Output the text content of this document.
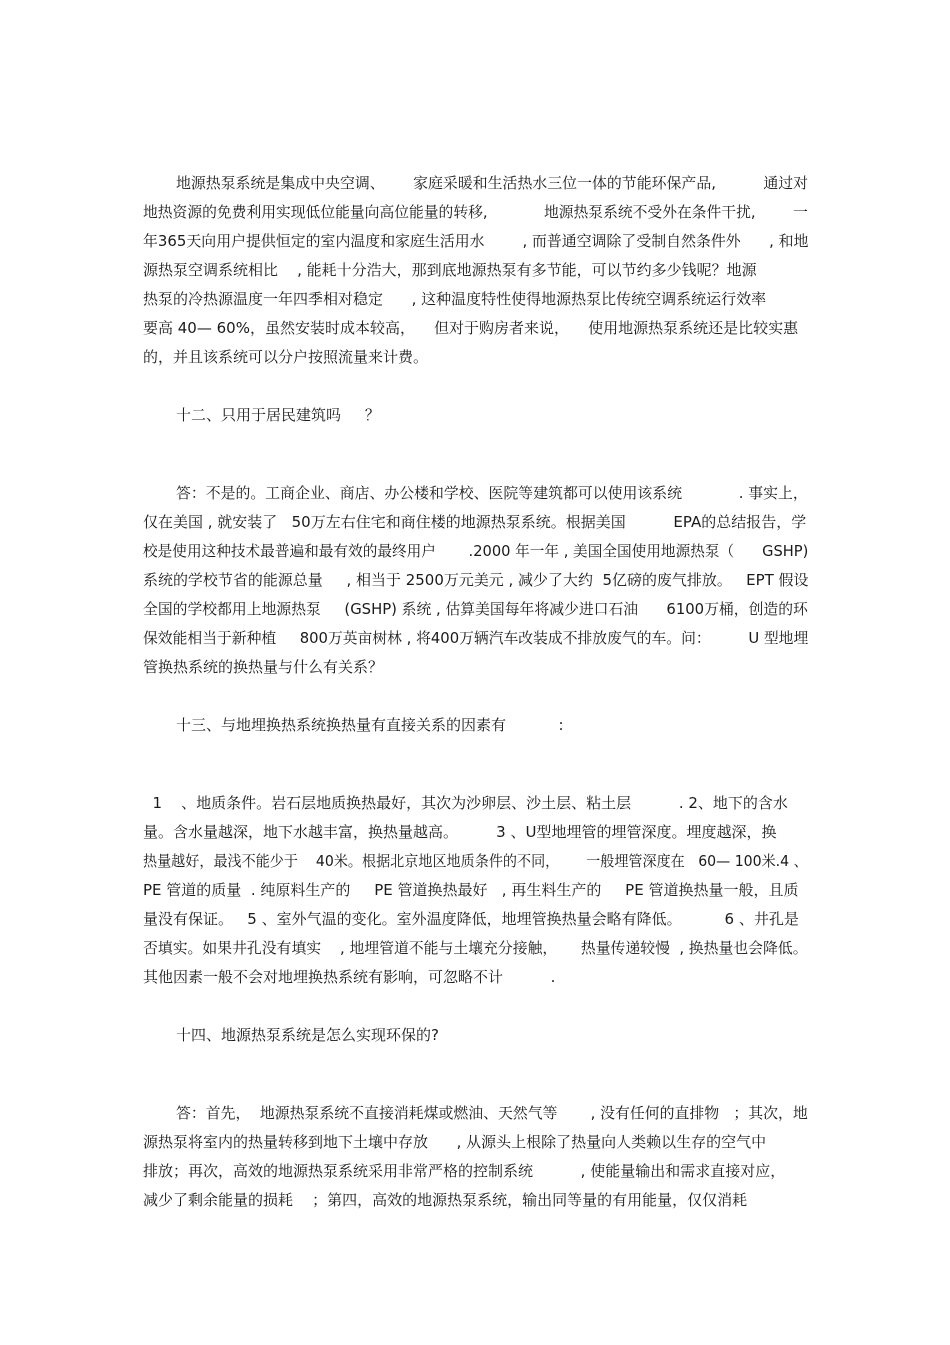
地源热泵系统是集成中央空调、      家庭采暖和生活热水三位一体的节能环保产品,          通过对
地热资源的免费利用实现低位能量向高位能量的转移,            地源热泵系统不受外在条件干扰,        一
年365天向用户提供恒定的室内温度和家庭生活用水        , 而普通空调除了受制自然条件外      , 和地
源热泵空调系统相比    , 能耗十分浩大，那到底地源热泵有多节能，可以节约多少钱呢？地源
热泵的冷热源温度一年四季相对稳定      , 这种温度特性使得地源热泵比传统空调系统运行效率
要高 40— 60%，虽然安装时成本较高，    但对于购房者来说，    使用地源热泵系统还是比较实惠
的，并且该系统可以分户按照流量来计费。
十二、只用于居民建筑吗     ？
答：不是的。工商企业、商店、办公楼和学校、医院等建筑都可以使用该系统            . 事实上，
仅在美国 , 就安装了   50万左右住宅和商住楼的地源热泵系统。根据美国          EPA的总结报告，学
校是使用这种技术最普遍和最有效的最终用户       .2000 年一年 , 美国全国使用地源热泵（      GSHP)
系统的学校节省的能源总量     , 相当于 2500万元美元 , 减少了大约  5亿磅的废气排放。   EPT 假设
全国的学校都用上地源热泵     (GSHP) 系统 , 估算美国每年将减少进口石油      6100万桶，创造的环
保效能相当于新种植     800万英亩树林 , 将400万辆汽车改装成不排放废气的车。问：        U 型地埋
管换热系统的换热量与什么有关系？
十三、与地埋换热系统换热量有直接关系的因素有           :
1    、地质条件。岩石层地质换热最好，其次为沙卵层、沙土层、粘土层          . 2、地下的含水
量。含水量越深，地下水越丰富，换热量越高。        3 、U型地埋管的埋管深度。埋度越深，换
热量越好，最浅不能少于    40米。根据北京地区地质条件的不同，      一般埋管深度在   60— 100米.4 、
PE 管道的质量  . 纯原料生产的     PE 管道换热最好   , 再生料生产的     PE 管道换热量一般，且质
量没有保证。   5 、室外气温的变化。室外温度降低，地埋管换热量会略有降低。         6 、井孔是
否填实。如果井孔没有填实    , 地埋管道不能与土壤充分接触，     热量传递较慢  , 换热量也会降低。
其他因素一般不会对地埋换热系统有影响，可忽略不计          .
十四、地源热泵系统是怎么实现环保的?
答：首先，  地源热泵系统不直接消耗煤或燃油、天然气等       , 没有任何的直排物   ；其次，地
源热泵将室内的热量转移到地下土壤中存放      , 从源头上根除了热量向人类赖以生存的空气中
排放；再次，高效的地源热泵系统采用非常严格的控制系统          , 使能量输出和需求直接对应，
减少了剩余能量的损耗    ；第四，高效的地源热泵系统，输出同等量的有用能量，仅仅消耗
